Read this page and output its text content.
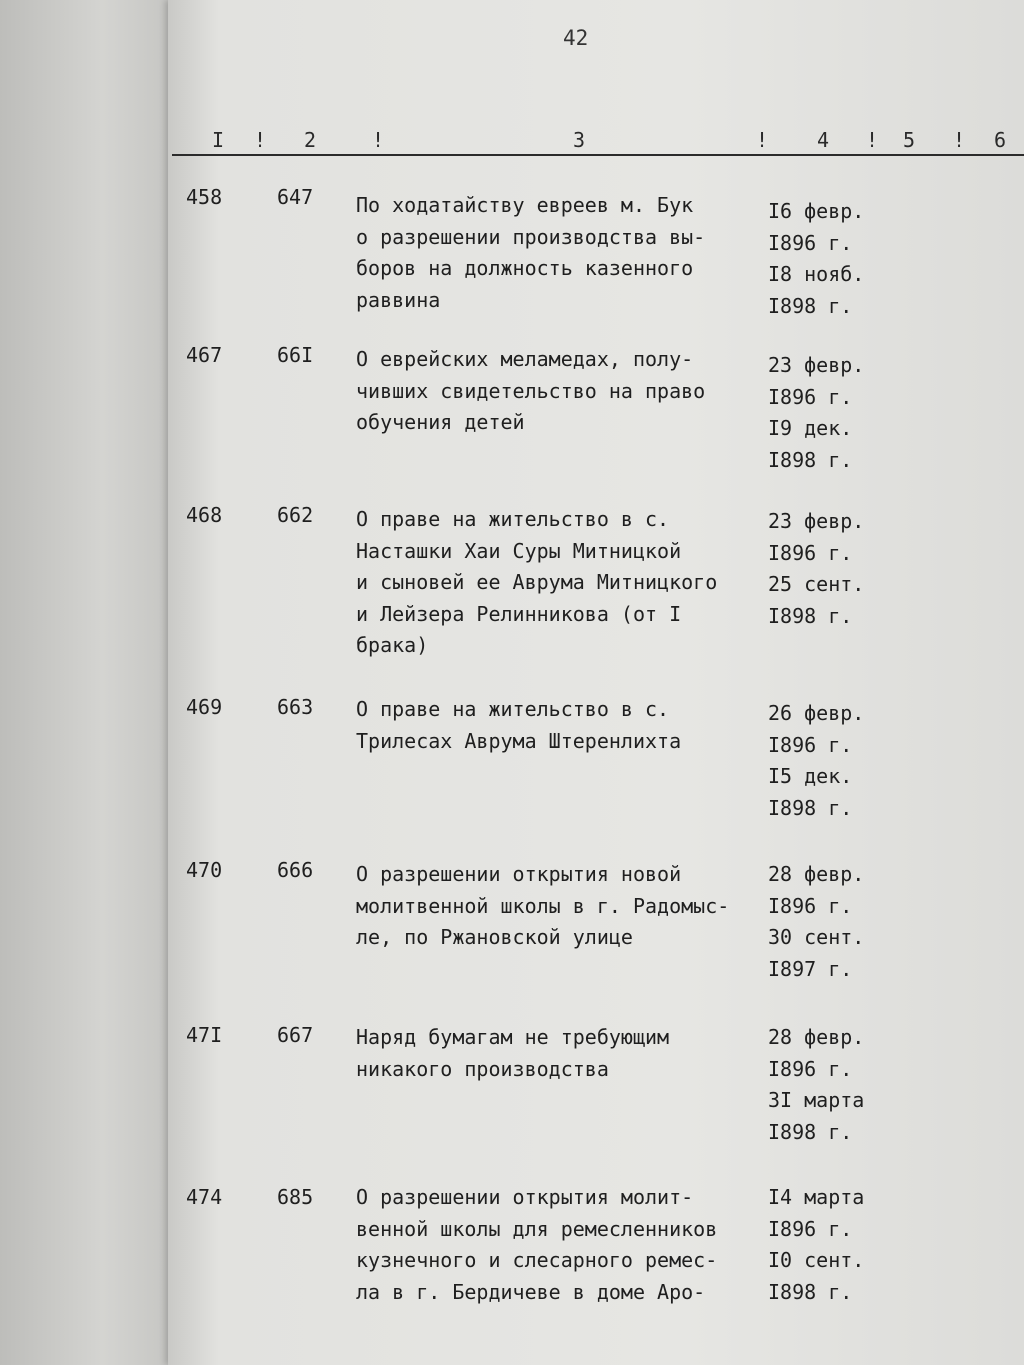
42
I ! 2	!	3	! 4 ! 5 ! 6
458	647 По ходатайству евреев м. Бук
о разрешении производства вы-
боров на должность казенного
раввина
I6 февр.
I896 г.
I8 нояб.
I898 г.
467	66I О еврейских меламедах, полу-
чивших свидетельство на право
обучения детей
23 февр.
I896 г.
I9 дек.
I898 г.
468	662 О праве на жительство в с.
Насташки Хаи Суры Митницкой
и сыновей ее Аврума Митницкого
и Лейзера Релинникова (от I
брака)
23 февр.
I896 г.
25 сент.
I898 г.
469	663 О праве на жительство в с.
Трилесах Аврума Штеренлихта
26 февр.
I896 г.
I5 дек.
I898 г.
470	666 О разрешении открытия новой
молитвенной школы в г. Радомыс-
ле, по Ржановской улице
28 февр.
I896 г.
30 сент.
I897 г.
47I	667 Наряд бумагам не требующим
никакого производства
28 февр.
I896 г.
3I марта
I898 г.
474	685 О разрешении открытия молит-
венной школы для ремесленников
кузнечного и слесарного ремес-
ла в г. Бердичеве в доме Аро-
I4 марта
I896 г.
I0 сент.
I898 г.
